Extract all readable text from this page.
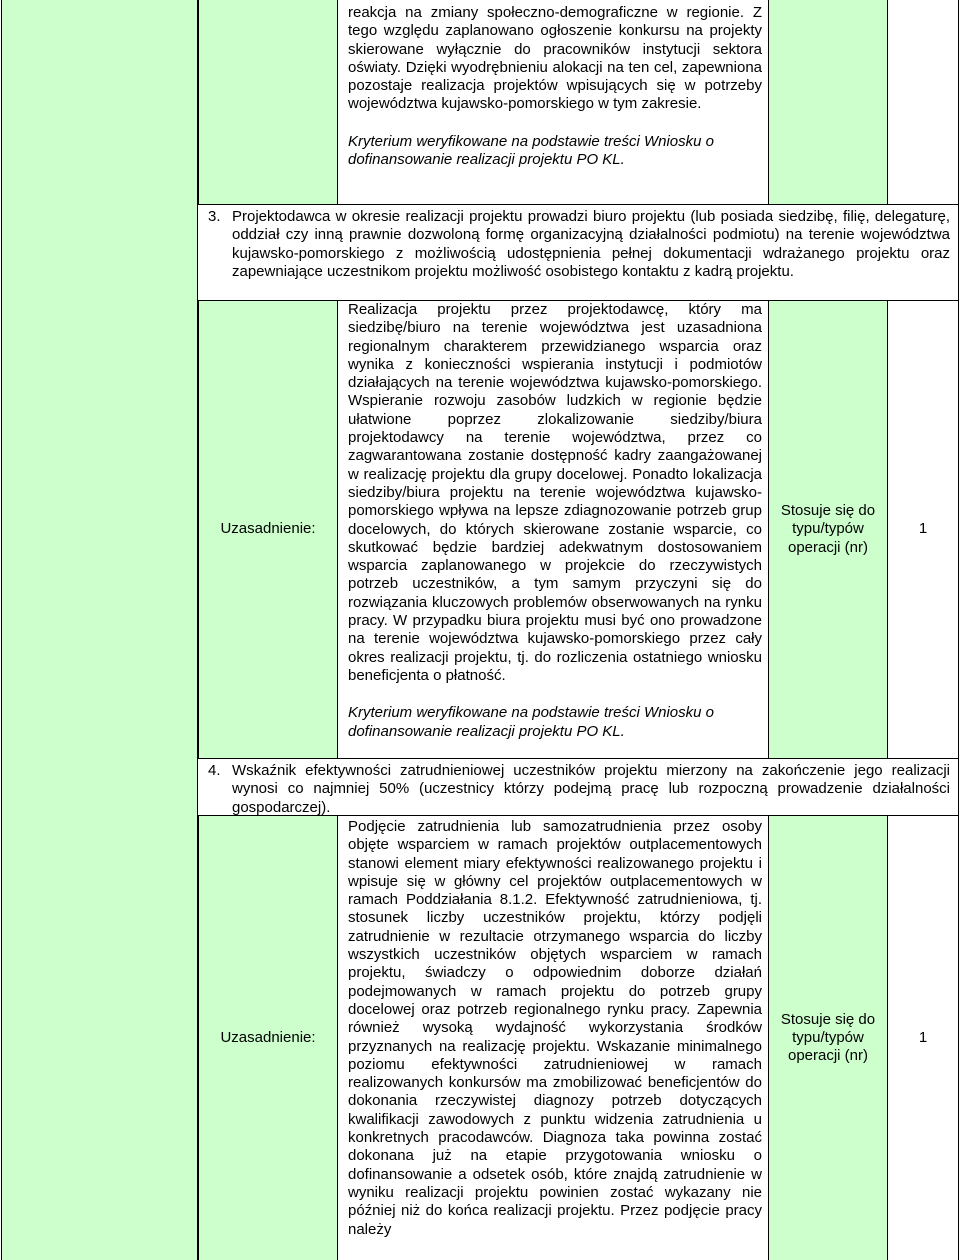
reakcja na zmiany społeczno-demograficzne w regionie. Z tego względu zaplanowano ogłoszenie konkursu na projekty skierowane wyłącznie do pracowników instytucji sektora oświaty. Dzięki wyodrębnieniu alokacji na ten cel, zapewniona pozostaje realizacja projektów wpisujących się w potrzeby województwa kujawsko-pomorskiego w tym zakresie.

Kryterium weryfikowane na podstawie treści Wniosku o dofinansowanie realizacji projektu PO KL.

3. Projektodawca w okresie realizacji projektu prowadzi biuro projektu (lub posiada siedzibę, filię, delegaturę, oddział czy inną prawnie dozwoloną formę organizacyjną działalności podmiotu) na terenie województwa kujawsko-pomorskiego z możliwością udostępnienia pełnej dokumentacji wdrażanego projektu oraz zapewniające uczestnikom projektu możliwość osobistego kontaktu z kadrą projektu.
Uzasadnienie:

Realizacja projektu przez projektodawcę, który ma siedzibę/biuro na terenie województwa jest uzasadniona regionalnym charakterem przewidzianego wsparcia oraz wynika z konieczności wspierania instytucji i podmiotów działających na terenie województwa kujawsko-pomorskiego. Wspieranie rozwoju zasobów ludzkich w regionie będzie ułatwione poprzez zlokalizowanie siedziby/biura projektodawcy na terenie województwa, przez co zagwarantowana zostanie dostępność kadry zaangażowanej w realizację projektu dla grupy docelowej. Ponadto lokalizacja siedziby/biura projektu na terenie województwa kujawsko-pomorskiego wpływa na lepsze zdiagnozowanie potrzeb grup docelowych, do których skierowane zostanie wsparcie, co skutkować będzie bardziej adekwatnym dostosowaniem wsparcia zaplanowanego w projekcie do rzeczywistych potrzeb uczestników, a tym samym przyczyni się do rozwiązania kluczowych problemów obserwowanych na rynku pracy. W przypadku biura projektu musi być ono prowadzone na terenie województwa kujawsko-pomorskiego przez cały okres realizacji projektu, tj. do rozliczenia ostatniego wniosku beneficjenta o płatność.

Kryterium weryfikowane na podstawie treści Wniosku o dofinansowanie realizacji projektu PO KL.

Stosuje się do typu/typów operacji (nr)
1
4. Wskaźnik efektywności zatrudnieniowej uczestników projektu mierzony na zakończenie jego realizacji wynosi co najmniej 50% (uczestnicy którzy podejmą pracę lub rozpoczną prowadzenie działalności gospodarczej).
Uzasadnienie:

Podjęcie zatrudnienia lub samozatrudnienia przez osoby objęte wsparciem w ramach projektów outplacementowych stanowi element miary efektywności realizowanego projektu i wpisuje się w główny cel projektów outplacementowych w ramach Poddziałania 8.1.2. Efektywność zatrudnieniowa, tj. stosunek liczby uczestników projektu, którzy podjęli zatrudnienie w rezultacie otrzymanego wsparcia do liczby wszystkich uczestników objętych wsparciem w ramach projektu, świadczy o odpowiednim doborze działań podejmowanych w ramach projektu do potrzeb grupy docelowej oraz potrzeb regionalnego rynku pracy. Zapewnia również wysoką wydajność wykorzystania środków przyznanych na realizację projektu. Wskazanie minimalnego poziomu efektywności zatrudnieniowej w ramach realizowanych konkursów ma zmobilizować beneficjentów do dokonania rzeczywistej diagnozy potrzeb dotyczących kwalifikacji zawodowych z punktu widzenia zatrudnienia u konkretnych pracodawców. Diagnoza taka powinna zostać dokonana już na etapie przygotowania wniosku o dofinansowanie a odsetek osób, które znajdą zatrudnienie w wyniku realizacji projektu powinien zostać wykazany nie później niż do końca realizacji projektu. Przez podjęcie pracy należy

Stosuje się do typu/typów operacji (nr)
1
